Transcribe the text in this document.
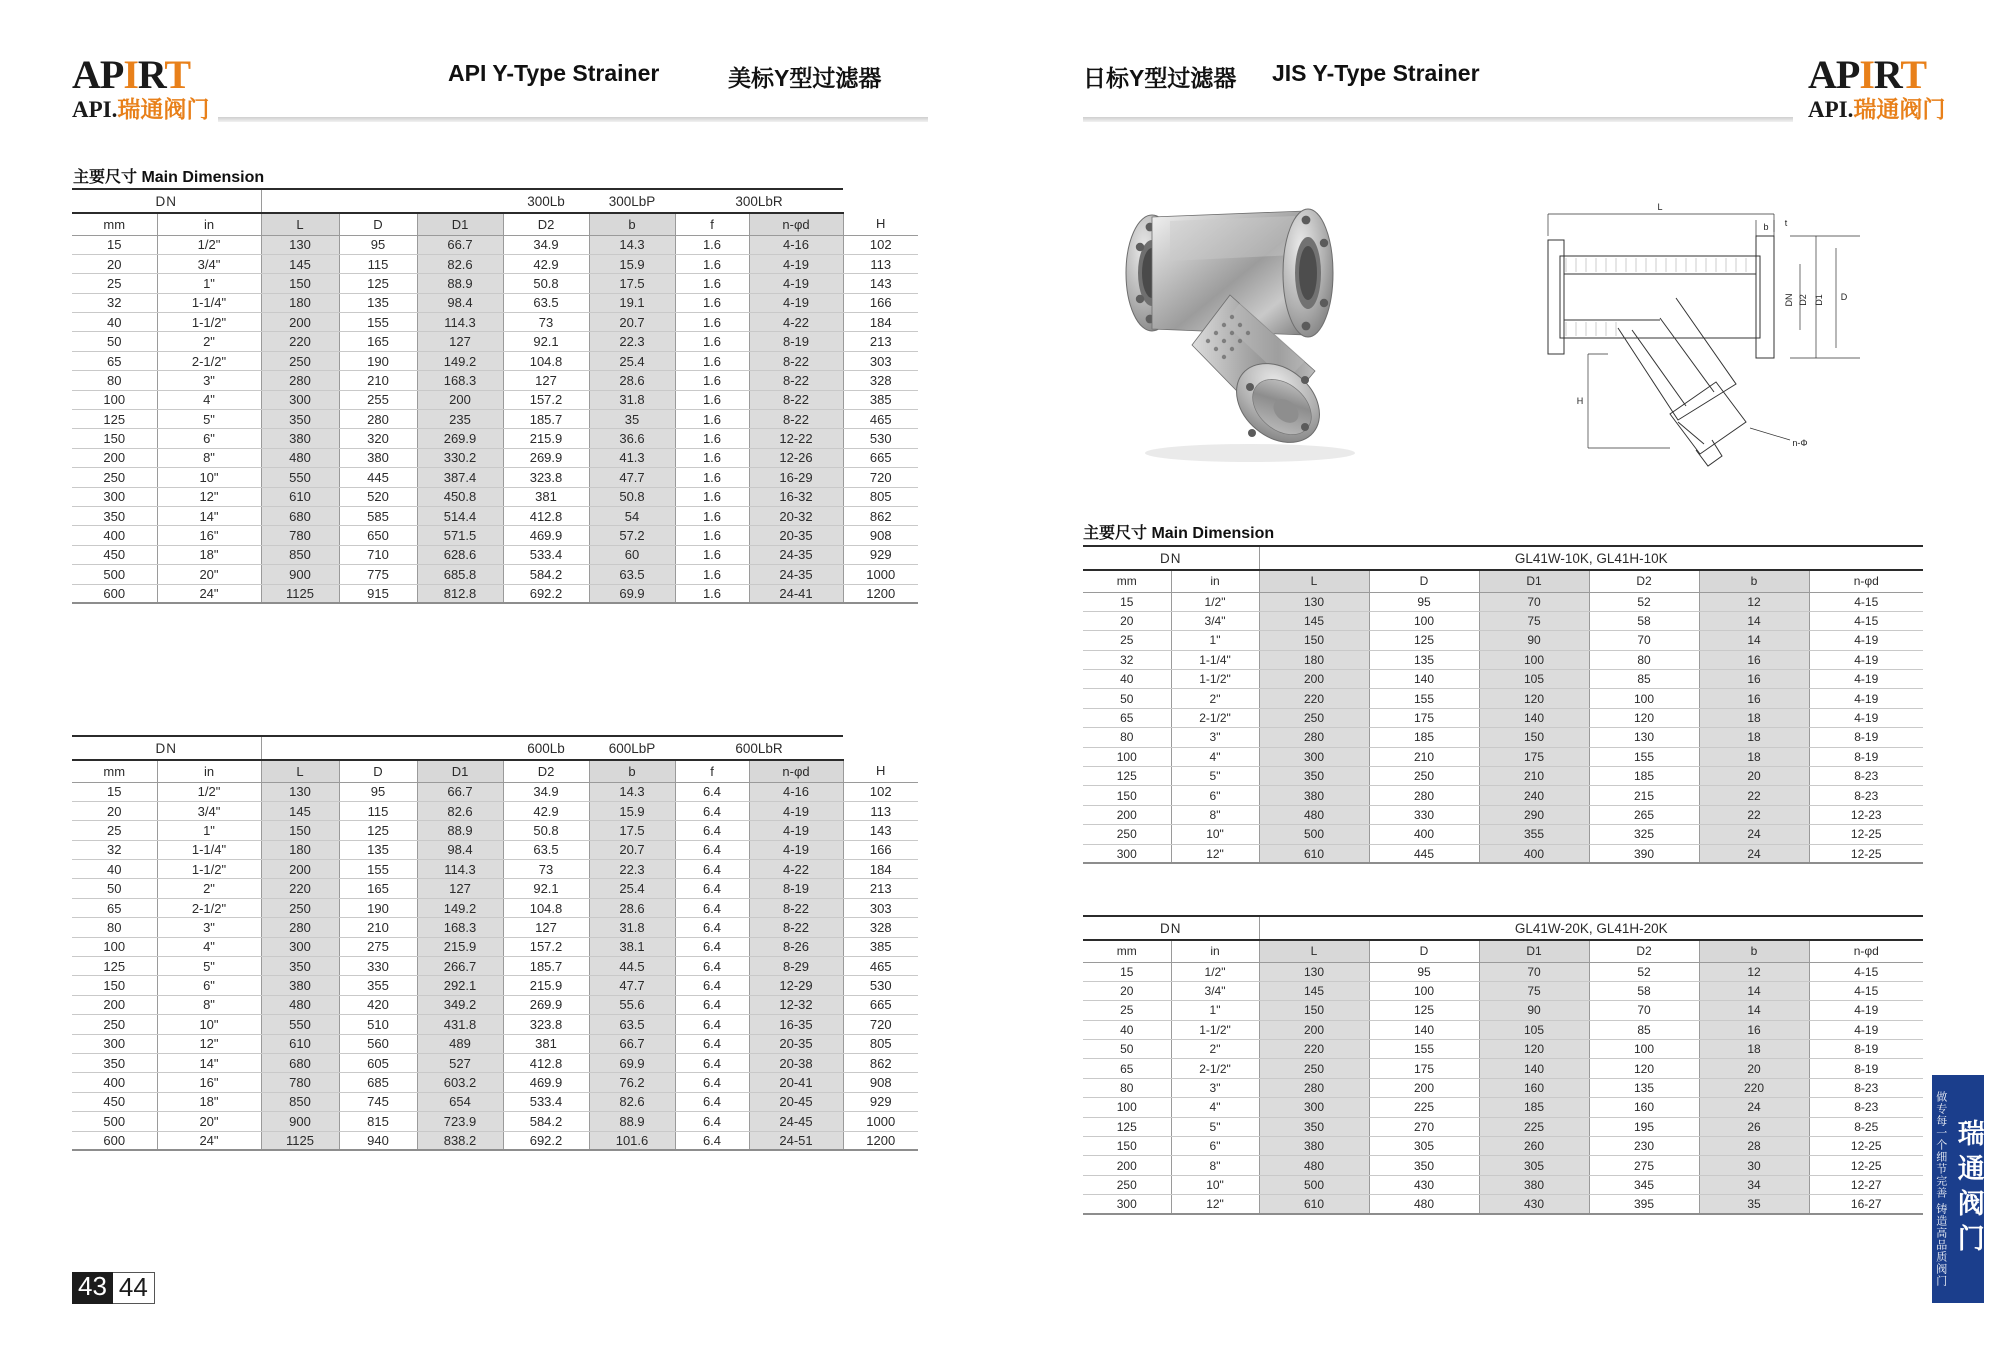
APIRT
API.瑞通阀门
API Y-Type Strainer	美标Y型过滤器
主要尺寸 Main Dimension
DN					300Lb	300LbP	300LbR		
mm	in	L	D	D1	D2	b	f	n-φd	H
15	1/2"	130	95	66.7	34.9	14.3	1.6	4-16	102
20	3/4"	145	115	82.6	42.9	15.9	1.6	4-19	113
25	1"	150	125	88.9	50.8	17.5	1.6	4-19	143
32	1-1/4"	180	135	98.4	63.5	19.1	1.6	4-19	166
40	1-1/2"	200	155	114.3	73	20.7	1.6	4-22	184
50	2"	220	165	127	92.1	22.3	1.6	8-19	213
65	2-1/2"	250	190	149.2	104.8	25.4	1.6	8-22	303
80	3"	280	210	168.3	127	28.6	1.6	8-22	328
100	4"	300	255	200	157.2	31.8	1.6	8-22	385
125	5"	350	280	235	185.7	35	1.6	8-22	465
150	6"	380	320	269.9	215.9	36.6	1.6	12-22	530
200	8"	480	380	330.2	269.9	41.3	1.6	12-26	665
250	10"	550	445	387.4	323.8	47.7	1.6	16-29	720
300	12"	610	520	450.8	381	50.8	1.6	16-32	805
350	14"	680	585	514.4	412.8	54	1.6	20-32	862
400	16"	780	650	571.5	469.9	57.2	1.6	20-35	908
450	18"	850	710	628.6	533.4	60	1.6	24-35	929
500	20"	900	775	685.8	584.2	63.5	1.6	24-35	1000
600	24"	1125	915	812.8	692.2	69.9	1.6	24-41	1200
DN					600Lb	600LbP	600LbR		
mm	in	L	D	D1	D2	b	f	n-φd	H
15	1/2"	130	95	66.7	34.9	14.3	6.4	4-16	102
20	3/4"	145	115	82.6	42.9	15.9	6.4	4-19	113
25	1"	150	125	88.9	50.8	17.5	6.4	4-19	143
32	1-1/4"	180	135	98.4	63.5	20.7	6.4	4-19	166
40	1-1/2"	200	155	114.3	73	22.3	6.4	4-22	184
50	2"	220	165	127	92.1	25.4	6.4	8-19	213
65	2-1/2"	250	190	149.2	104.8	28.6	6.4	8-22	303
80	3"	280	210	168.3	127	31.8	6.4	8-22	328
100	4"	300	275	215.9	157.2	38.1	6.4	8-26	385
125	5"	350	330	266.7	185.7	44.5	6.4	8-29	465
150	6"	380	355	292.1	215.9	47.7	6.4	12-29	530
200	8"	480	420	349.2	269.9	55.6	6.4	12-32	665
250	10"	550	510	431.8	323.8	63.5	6.4	16-35	720
300	12"	610	560	489	381	66.7	6.4	20-35	805
350	14"	680	605	527	412.8	69.9	6.4	20-38	862
400	16"	780	685	603.2	469.9	76.2	6.4	20-41	908
450	18"	850	745	654	533.4	82.6	6.4	20-45	929
500	20"	900	815	723.9	584.2	88.9	6.4	24-45	1000
600	24"	1125	940	838.2	692.2	101.6	6.4	24-51	1200
43 44
日标Y型过滤器 JIS Y-Type Strainer	APIRT
API.瑞通阀门
L
b t
D
D1
D2
DN
H
n-Φ
主要尺寸 Main Dimension
DN		GL41W-10K, GL41H-10K					
mm	in	L	D	D1	D2	b	n-φd
15	1/2"	130	95	70	52	12	4-15
20	3/4"	145	100	75	58	14	4-15
25	1"	150	125	90	70	14	4-19
32	1-1/4"	180	135	100	80	16	4-19
40	1-1/2"	200	140	105	85	16	4-19
50	2"	220	155	120	100	16	4-19
65	2-1/2"	250	175	140	120	18	4-19
80	3"	280	185	150	130	18	8-19
100	4"	300	210	175	155	18	8-19
125	5"	350	250	210	185	20	8-23
150	6"	380	280	240	215	22	8-23
200	8"	480	330	290	265	22	12-23
250	10"	500	400	355	325	24	12-25
300	12"	610	445	400	390	24	12-25
DN		GL41W-20K, GL41H-20K					
mm	in	L	D	D1	D2	b	n-φd
15	1/2"	130	95	70	52	12	4-15
20	3/4"	145	100	75	58	14	4-15
25	1"	150	125	90	70	14	4-19
40	1-1/2"	200	140	105	85	16	4-19
50	2"	220	155	120	100	18	8-19
65	2-1/2"	250	175	140	120	20	8-19
80	3"	280	200	160	135	220	8-23
100	4"	300	225	185	160	24	8-23
125	5"	350	270	225	195	26	8-25
150	6"	380	305	260	230	28	12-25
200	8"	480	350	305	275	30	12-25
250	10"	500	430	380	345	34	12-27
300	12"	610	480	430	395	35	16-27	瑞通阀门
做专每一个细节完善 铸造高品质阀门
